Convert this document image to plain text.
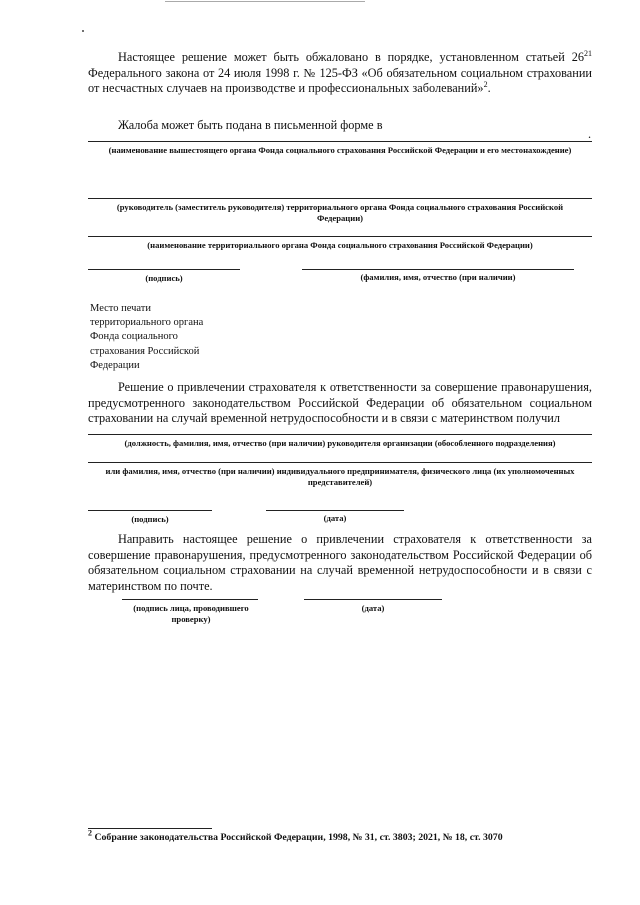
Настоящее решение может быть обжаловано в порядке, установленном статьей $26^{21}$ Федерального закона от 24 июля 1998 г. № 125-ФЗ «Об обязательном социальном страховании от несчастных случаев на производстве и профессиональных заболеваний»$^2$.
Жалоба может быть подана в письменной форме в
.
(наименование вышестоящего органа Фонда социального страхования Российской Федерации и его местонахождение)
(руководитель (заместитель руководителя) территориального органа Фонда социального страхования Российской Федерации)
(наименование территориального органа Фонда социального страхования Российской Федерации)
(подпись)	(фамилия, имя, отчество (при наличии)
Место печати
территориального органа
Фонда социального
страхования Российской
Федерации
Решение о привлечении страхователя к ответственности за совершение правонарушения, предусмотренного законодательством Российской Федерации об обязательном социальном страховании на случай временной нетрудоспособности и в связи с материнством получил
(должность, фамилия, имя, отчество (при наличии) руководителя организации (обособленного подразделения)
или фамилия, имя, отчество (при наличии) индивидуального предпринимателя, физического лица (их уполномоченных представителей)
(подпись)	(дата)
Направить настоящее решение о привлечении страхователя к ответственности за совершение правонарушения, предусмотренного законодательством Российской Федерации об обязательном социальном страховании на случай временной нетрудоспособности и в связи с материнством по почте.
(подпись лица, проводившего проверку)
(дата)
$^2$ Собрание законодательства Российской Федерации, 1998, № 31, ст. 3803; 2021, № 18, ст. 3070
